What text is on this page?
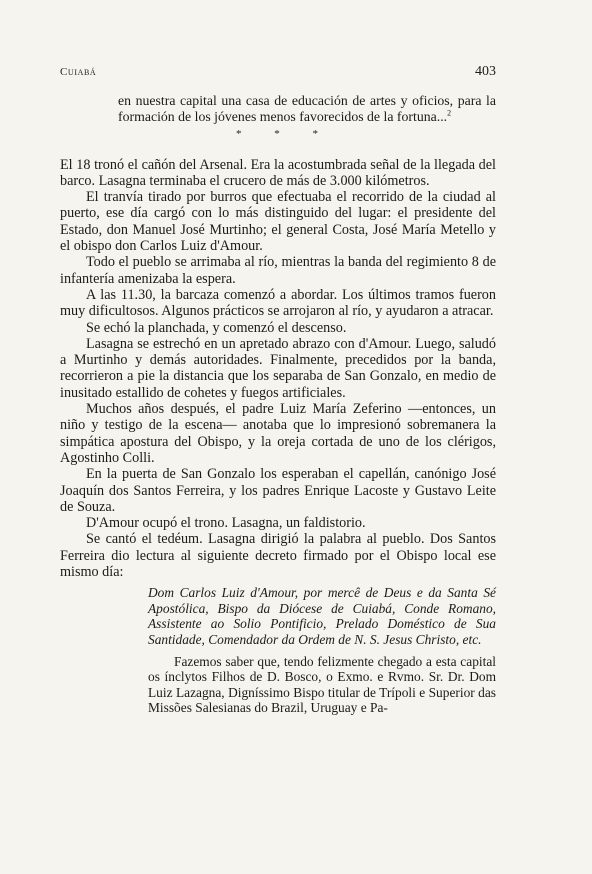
Cuiabá	403

en nuestra capital una casa de educación de artes y oficios, para la formación de los jóvenes menos favorecidos de la fortuna...$^2$

* * *

El 18 tronó el cañón del Arsenal. Era la acostumbrada señal de la llegada del barco. Lasagna terminaba el crucero de más de 3.000 kilómetros.

El tranvía tirado por burros que efectuaba el recorrido de la ciudad al puerto, ese día cargó con lo más distinguido del lugar: el presidente del Estado, don Manuel José Murtinho; el general Costa, José María Metello y el obispo don Carlos Luiz d'Amour.

Todo el pueblo se arrimaba al río, mientras la banda del regimiento 8 de infantería amenizaba la espera.

A las 11.30, la barcaza comenzó a abordar. Los últimos tramos fueron muy dificultosos. Algunos prácticos se arrojaron al río, y ayudaron a atracar.

Se echó la planchada, y comenzó el descenso.

Lasagna se estrechó en un apretado abrazo con d'Amour. Luego, saludó a Murtinho y demás autoridades. Finalmente, precedidos por la banda, recorrieron a pie la distancia que los separaba de San Gonzalo, en medio de inusitado estallido de cohetes y fuegos artificiales.

Muchos años después, el padre Luiz María Zeferino —entonces, un niño y testigo de la escena— anotaba que lo impresionó sobremanera la simpática apostura del Obispo, y la oreja cortada de uno de los clérigos, Agostinho Colli.

En la puerta de San Gonzalo los esperaban el capellán, canónigo José Joaquín dos Santos Ferreira, y los padres Enrique Lacoste y Gustavo Leite de Souza.

D'Amour ocupó el trono. Lasagna, un faldistorio.

Se cantó el tedéum. Lasagna dirigió la palabra al pueblo. Dos Santos Ferreira dio lectura al siguiente decreto firmado por el Obispo local ese mismo día:

Dom Carlos Luiz d'Amour, por mercê de Deus e da Santa Sé Apostólica, Bispo da Diócese de Cuiabá, Conde Romano, Assistente ao Solio Pontificio, Prelado Doméstico de Sua Santidade, Comendador da Ordem de N. S. Jesus Christo, etc.

Fazemos saber que, tendo felizmente chegado a esta capital os ínclytos Filhos de D. Bosco, o Exmo. e Rvmo. Sr. Dr. Dom Luiz Lazagna, Digníssimo Bispo titular de Trípoli e Superior das Missões Salesianas do Brazil, Uruguay e Pa-
